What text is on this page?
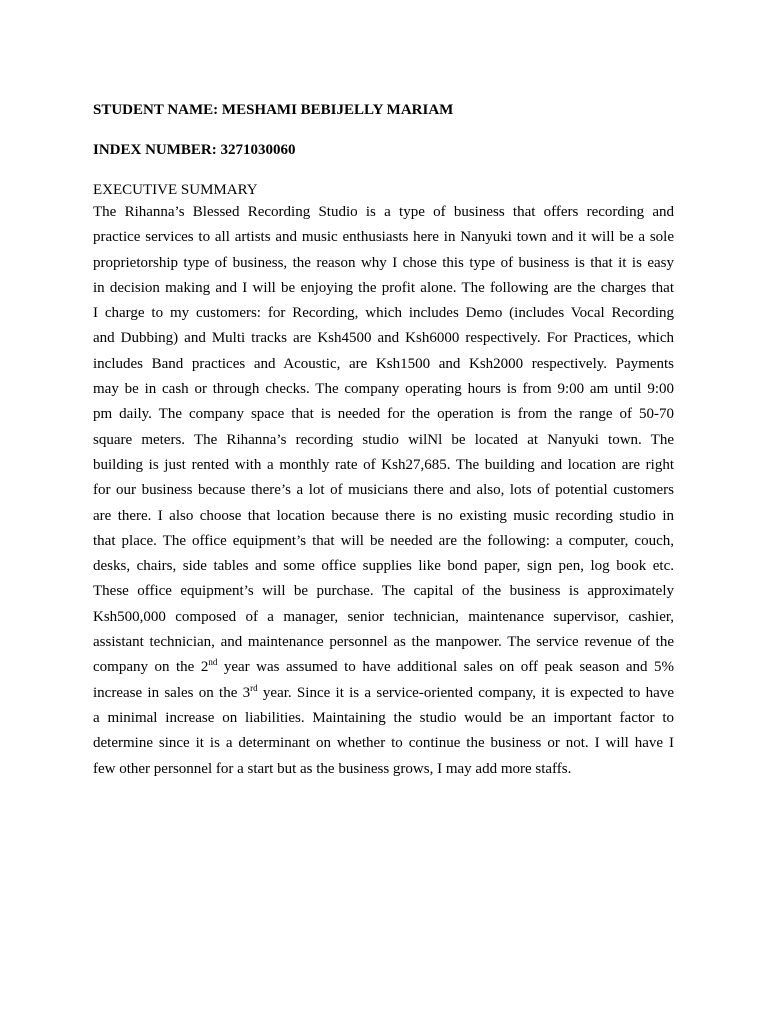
STUDENT NAME: MESHAMI BEBIJELLY MARIAM

INDEX NUMBER: 3271030060

EXECUTIVE SUMMARY

The Rihanna’s Blessed Recording Studio is a type of business that offers recording and
practice services to all artists and music enthusiasts here in Nanyuki town and it will be a sole
proprietorship type of business, the reason why I chose this type of business is that it is easy
in decision making and I will be enjoying the profit alone. The following are the charges that
I charge to my customers: for Recording, which includes Demo (includes Vocal Recording
and Dubbing) and Multi tracks are Ksh4500 and Ksh6000 respectively. For Practices, which
includes Band practices and Acoustic, are Ksh1500 and Ksh2000 respectively. Payments
may be in cash or through checks. The company operating hours is from 9:00 am until 9:00
pm daily. The company space that is needed for the operation is from the range of 50-70
square meters. The Rihanna’s recording studio wilNl be located at Nanyuki town. The
building is just rented with a monthly rate of Ksh27,685. The building and location are right
for our business because there’s a lot of musicians there and also, lots of potential customers
are there. I also choose that location because there is no existing music recording studio in
that place. The office equipment’s that will be needed are the following: a computer, couch,
desks, chairs, side tables and some office supplies like bond paper, sign pen, log book etc.
These office equipment’s will be purchase. The capital of the business is approximately
Ksh500,000 composed of a manager, senior technician, maintenance supervisor, cashier,
assistant technician, and maintenance personnel as the manpower. The service revenue of the
company on the 2nd year was assumed to have additional sales on off peak season and 5%
increase in sales on the 3rd year. Since it is a service-oriented company, it is expected to have
a minimal increase on liabilities. Maintaining the studio would be an important factor to
determine since it is a determinant on whether to continue the business or not. I will have I
few other personnel for a start but as the business grows, I may add more staffs.
